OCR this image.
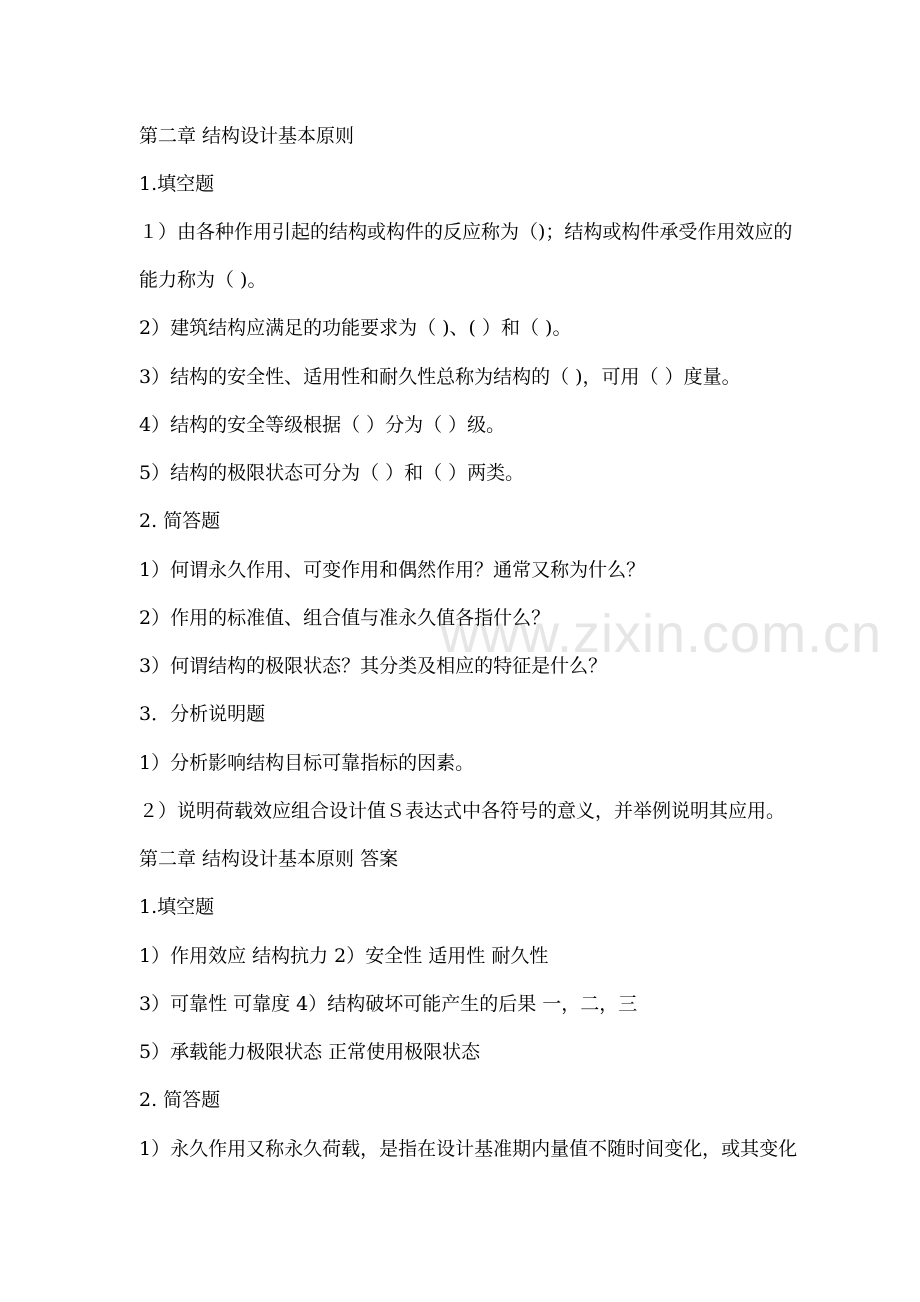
www.zixin.com.cn
第二章 结构设计基本原则
1.填空题
１）由各种作用引起的结构或构件的反应称为（)；结构或构件承受作用效应的
能力称为（ )。
2）建筑结构应满足的功能要求为（ )、( ）和（ )。
3）结构的安全性、适用性和耐久性总称为结构的（ )，可用（ ）度量。
4）结构的安全等级根据（ ）分为（ ）级。
5）结构的极限状态可分为（ ）和（ ）两类。
2. 简答题
1）何谓永久作用、可变作用和偶然作用？通常又称为什么？
2）作用的标准值、组合值与准永久值各指什么？
3）何谓结构的极限状态？其分类及相应的特征是什么？
3．分析说明题
1）分析影响结构目标可靠指标的因素。
２）说明荷载效应组合设计值Ｓ表达式中各符号的意义，并举例说明其应用。
第二章 结构设计基本原则 答案
1.填空题
1）作用效应 结构抗力 2）安全性 适用性 耐久性
3）可靠性 可靠度 4）结构破坏可能产生的后果 一，二，三
5）承载能力极限状态 正常使用极限状态
2. 简答题
1）永久作用又称永久荷载，是指在设计基准期内量值不随时间变化，或其变化
